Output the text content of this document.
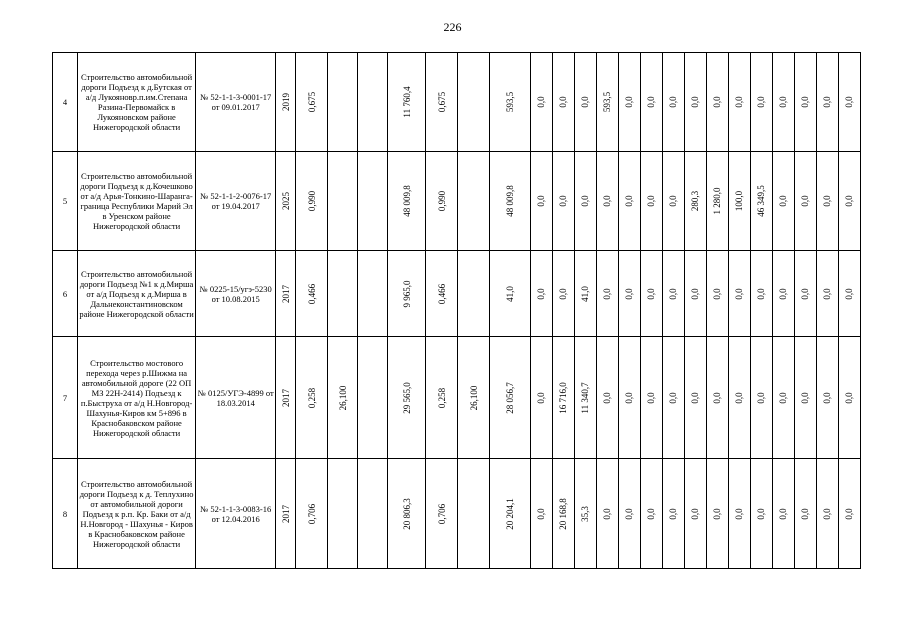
226
4	Строительство автомобильной дороги Подъезд к д.Бутская от а/д Лукояновр.п.им.Степана Разина-Первомайск в Лукояновском районе Нижегородской области	№ 52-1-1-3-0001-17 от 09.01.2017	2019	0,675			11 760,4	0,675		593,5	0,0	0,0	0,0	593,5	0,0	0,0	0,0	0,0	0,0	0,0	0,0	0,0	0,0	0,0	0,0

5	Строительство автомобильной дороги Подъезд к д.Кочешково от а/д Арья-Тонкино-Шаранга-граница Республики Марий Эл в Уренском районе Нижегородской области	№ 52-1-1-2-0076-17 от 19.04.2017	2025	0,990			48 009,8	0,990		48 009,8	0,0	0,0	0,0	0,0	0,0	0,0	0,0	280,3	1 280,0	100,0	46 349,5	0,0	0,0	0,0	0,0

6	Строительство автомобильной дороги Подъезд №1 к д.Мирша от а/д Подъезд к д.Мирша в Дальнеконстантиновском районе Нижегородской области	№ 0225-15/угэ-5230 от 10.08.2015	2017	0,466			9 965,0	0,466		41,0	0,0	0,0	41,0	0,0	0,0	0,0	0,0	0,0	0,0	0,0	0,0	0,0	0,0	0,0	0,0

7	Строительство мостового перехода через р.Шижма на автомобильной дороге (22 ОП МЗ 22Н-2414) Подъезд к п.Быструха от а/д Н.Новгород-Шахунья-Киров км 5+896 в Краснобаковском районе Нижегородской области	№ 0125/УГЭ-4899 от 18.03.2014	2017	0,258	26,100		29 565,0	0,258	26,100	28 056,7	0,0	16 716,0	11 340,7	0,0	0,0	0,0	0,0	0,0	0,0	0,0	0,0	0,0	0,0	0,0	0,0

8	Строительство автомобильной дороги Подъезд к д. Теплухино от автомобильной дороги Подъезд к р.п. Кр. Баки от а/д Н.Новгород - Шахунья - Киров в Краснобаковском районе Нижегородской области	№ 52-1-1-3-0083-16 от 12.04.2016	2017	0,706			20 806,3	0,706		20 204,1	0,0	20 168,8	35,3	0,0	0,0	0,0	0,0	0,0	0,0	0,0	0,0	0,0	0,0	0,0	0,0
